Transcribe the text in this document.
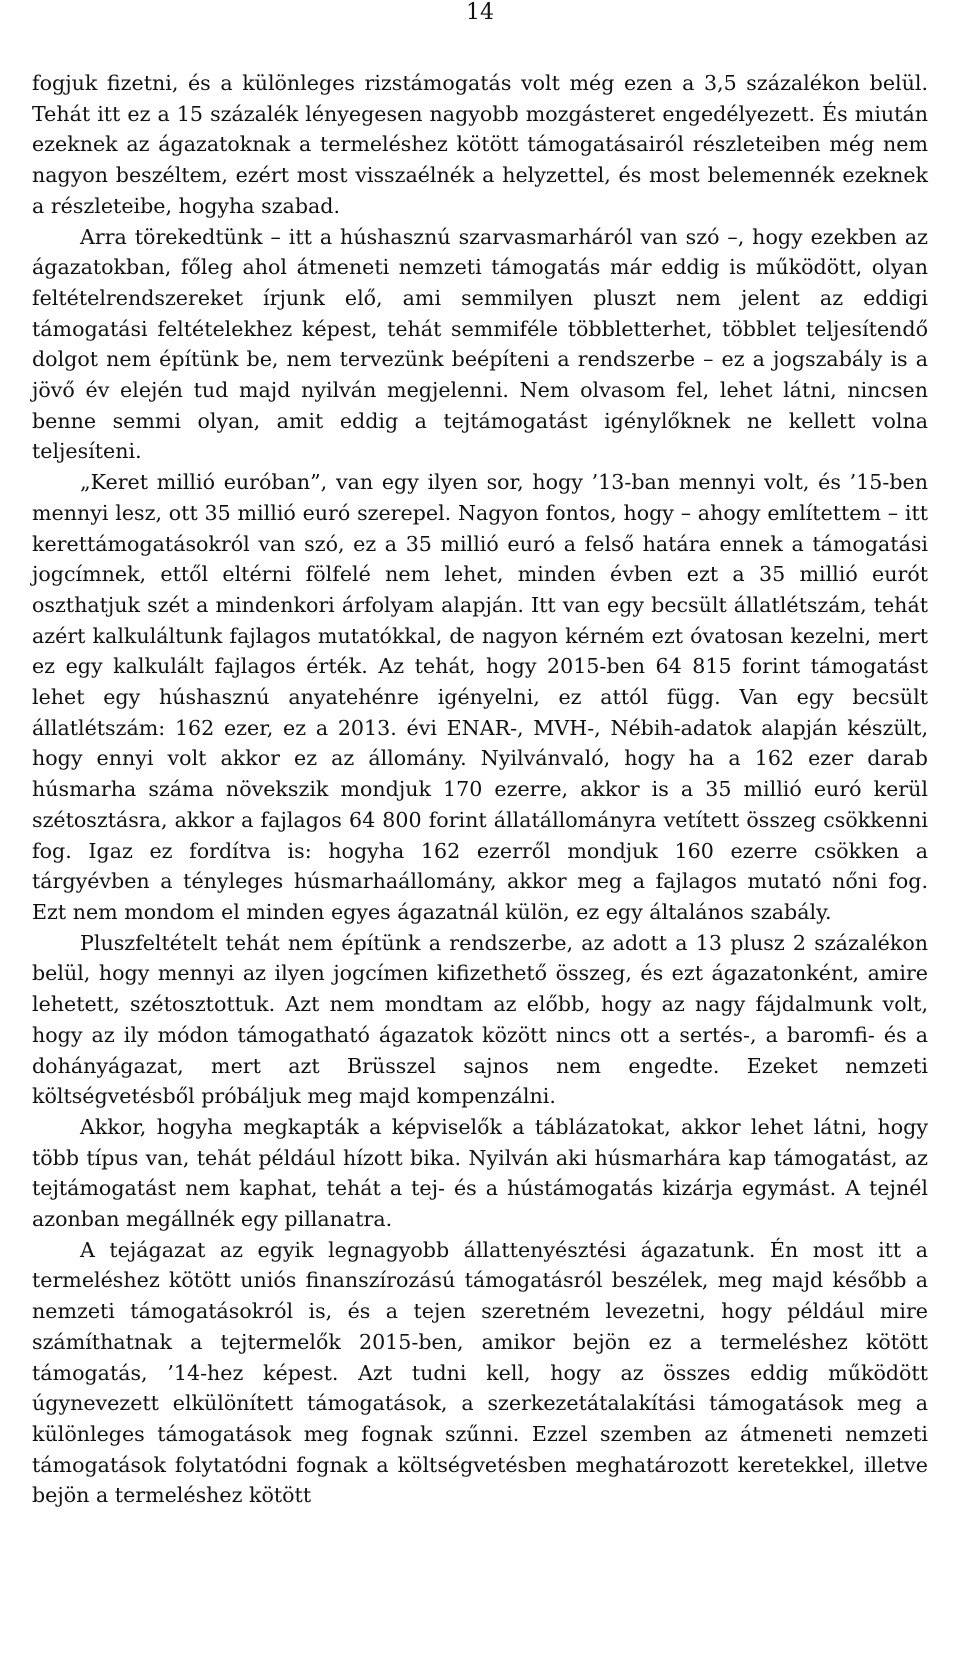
14

fogjuk fizetni, és a különleges rizstámogatás volt még ezen a 3,5 százalékon belül. Tehát itt ez a 15 százalék lényegesen nagyobb mozgásteret engedélyezett. És miután ezeknek az ágazatoknak a termeléshez kötött támogatásairól részleteiben még nem nagyon beszéltem, ezért most visszaélnék a helyzettel, és most belemennék ezeknek a részleteibe, hogyha szabad.

Arra törekedtünk – itt a húshasznú szarvasmarháról van szó –, hogy ezekben az ágazatokban, főleg ahol átmeneti nemzeti támogatás már eddig is működött, olyan feltételrendszereket írjunk elő, ami semmilyen pluszt nem jelent az eddigi támogatási feltételekhez képest, tehát semmiféle többletterhet, többlet teljesítendő dolgot nem építünk be, nem tervezünk beépíteni a rendszerbe – ez a jogszabály is a jövő év elején tud majd nyilván megjelenni. Nem olvasom fel, lehet látni, nincsen benne semmi olyan, amit eddig a tejtámogatást igénylőknek ne kellett volna teljesíteni.

„Keret millió euróban”, van egy ilyen sor, hogy ’13-ban mennyi volt, és ’15-ben mennyi lesz, ott 35 millió euró szerepel. Nagyon fontos, hogy – ahogy említettem – itt kerettámogatásokról van szó, ez a 35 millió euró a felső határa ennek a támogatási jogcímnek, ettől eltérni fölfelé nem lehet, minden évben ezt a 35 millió eurót oszthatjuk szét a mindenkori árfolyam alapján. Itt van egy becsült állatlétszám, tehát azért kalkuláltunk fajlagos mutatókkal, de nagyon kérném ezt óvatosan kezelni, mert ez egy kalkulált fajlagos érték. Az tehát, hogy 2015-ben 64 815 forint támogatást lehet egy húshasznú anyatehénre igényelni, ez attól függ. Van egy becsült állatlétszám: 162 ezer, ez a 2013. évi ENAR-, MVH-, Nébih-adatok alapján készült, hogy ennyi volt akkor ez az állomány. Nyilvánvaló, hogy ha a 162 ezer darab húsmarha száma növekszik mondjuk 170 ezerre, akkor is a 35 millió euró kerül szétosztásra, akkor a fajlagos 64 800 forint állatállományra vetített összeg csökkenni fog. Igaz ez fordítva is: hogyha 162 ezerről mondjuk 160 ezerre csökken a tárgyévben a tényleges húsmarhaállomány, akkor meg a fajlagos mutató nőni fog. Ezt nem mondom el minden egyes ágazatnál külön, ez egy általános szabály.

Pluszfeltételt tehát nem építünk a rendszerbe, az adott a 13 plusz 2 százalékon belül, hogy mennyi az ilyen jogcímen kifizethető összeg, és ezt ágazatonként, amire lehetett, szétosztottuk. Azt nem mondtam az előbb, hogy az nagy fájdalmunk volt, hogy az ily módon támogatható ágazatok között nincs ott a sertés-, a baromfi- és a dohányágazat, mert azt Brüsszel sajnos nem engedte. Ezeket nemzeti költségvetésből próbáljuk meg majd kompenzálni.

Akkor, hogyha megkapták a képviselők a táblázatokat, akkor lehet látni, hogy több típus van, tehát például hízott bika. Nyilván aki húsmarhára kap támogatást, az tejtámogatást nem kaphat, tehát a tej- és a hústámogatás kizárja egymást. A tejnél azonban megállnék egy pillanatra.

A tejágazat az egyik legnagyobb állattenyésztési ágazatunk. Én most itt a termeléshez kötött uniós finanszírozású támogatásról beszélek, meg majd később a nemzeti támogatásokról is, és a tejen szeretném levezetni, hogy például mire számíthatnak a tejtermelők 2015-ben, amikor bejön ez a termeléshez kötött támogatás, ’14-hez képest. Azt tudni kell, hogy az összes eddig működött úgynevezett elkülönített támogatások, a szerkezetátalakítási támogatások meg a különleges támogatások meg fognak szűnni. Ezzel szemben az átmeneti nemzeti támogatások folytatódni fognak a költségvetésben meghatározott keretekkel, illetve bejön a termeléshez kötött
